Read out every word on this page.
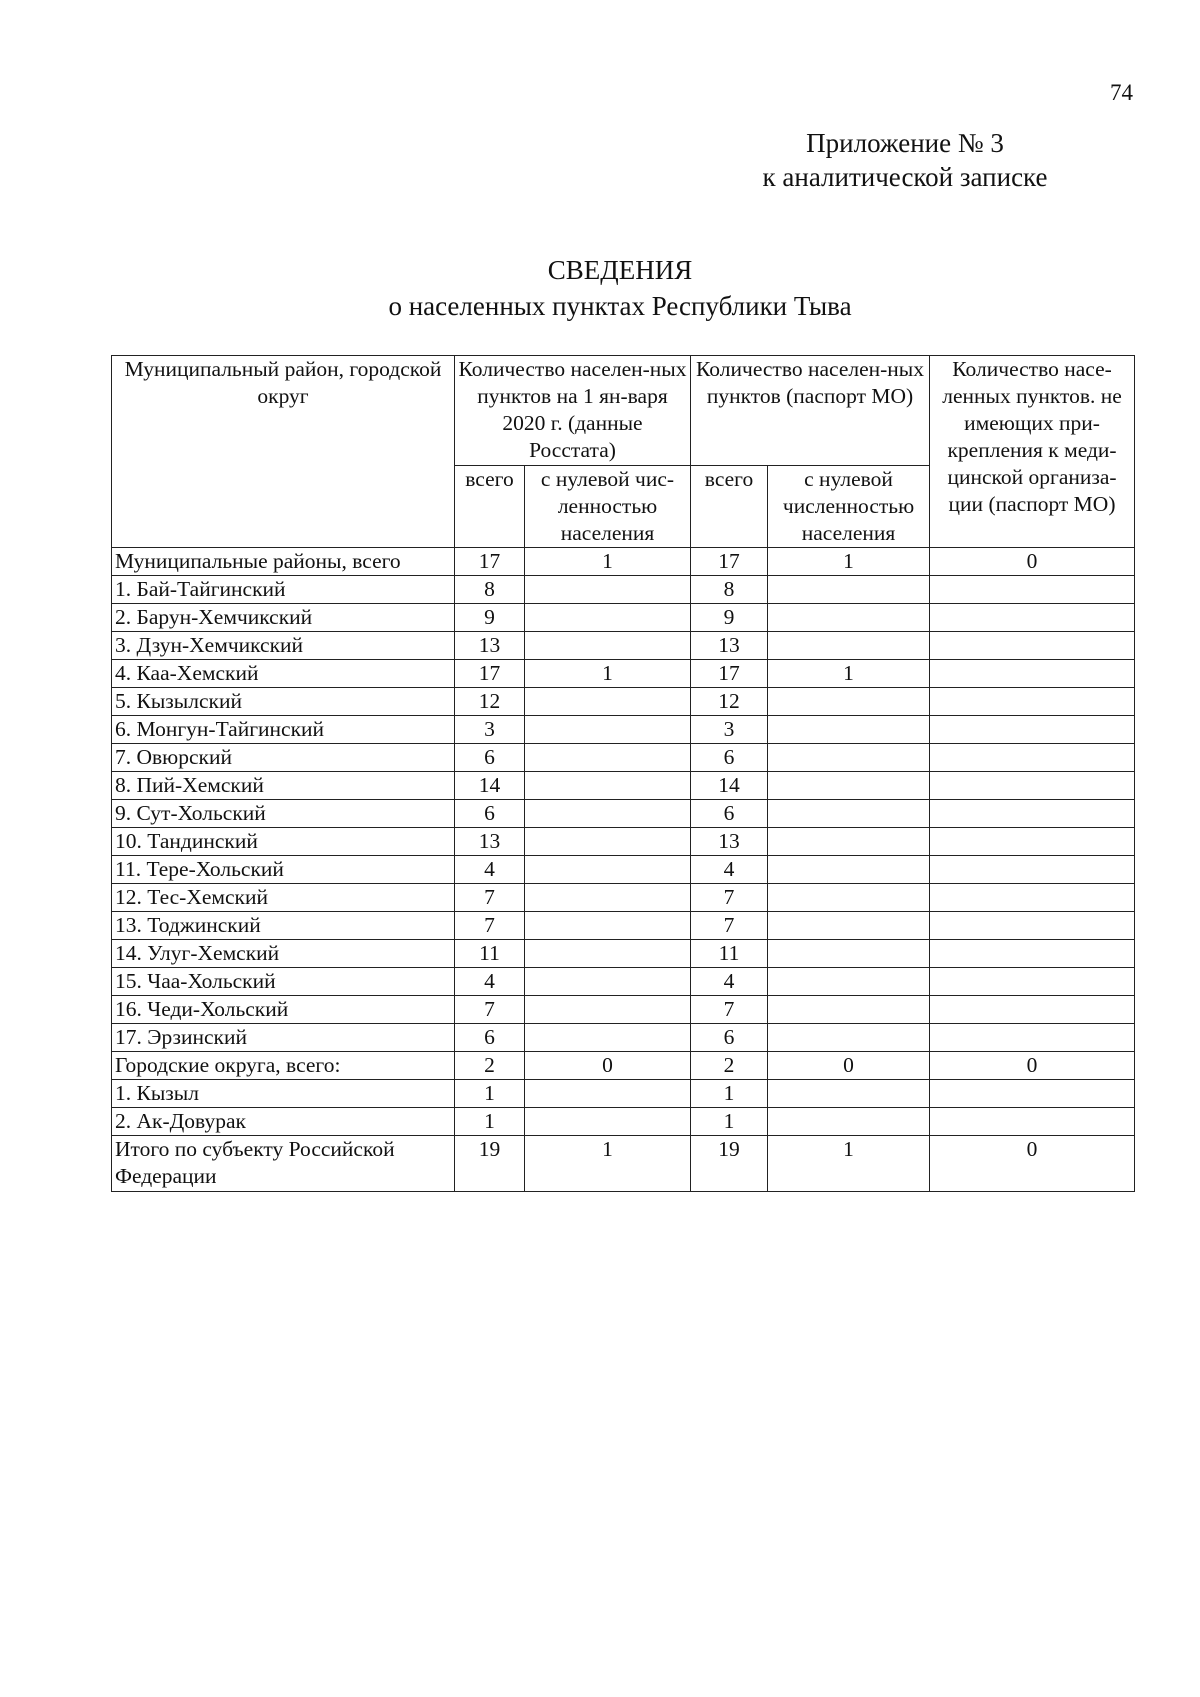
74
Приложение № 3
к аналитической записке
СВЕДЕНИЯ
о населенных пунктах Республики Тыва
Муниципальный район, городской округ	Количество населен-ных пунктов на 1 ян-варя 2020 г. (данные Росстата)		Количество населен-ных пунктов (паспорт МО)		Количество насе-ленных пунктов. не имеющих при-крепления к меди-цинской организа-ции (паспорт МО)
	всего	с нулевой чис-ленностью населения	всего	с нулевой численностью населения	
Муниципальные районы, всего	17	1	17	1	0
1. Бай-Тайгинский	8		8		
2. Барун-Хемчикский	9		9		
3. Дзун-Хемчикский	13		13		
4. Каа-Хемский	17	1	17	1	
5. Кызылский	12		12		
6. Монгун-Тайгинский	3		3		
7. Овюрский	6		6		
8. Пий-Хемский	14		14		
9. Сут-Хольский	6		6		
10. Тандинский	13		13		
11. Тере-Хольский	4		4		
12. Тес-Хемский	7		7		
13. Тоджинский	7		7		
14. Улуг-Хемский	11		11		
15. Чаа-Хольский	4		4		
16. Чеди-Хольский	7		7		
17. Эрзинский	6		6		
Городские округа, всего:	2	0	2	0	0
1. Кызыл	1		1		
2. Ак-Довурак	1		1		
Итого по субъекту Российской Федерации	19	1	19	1	0
